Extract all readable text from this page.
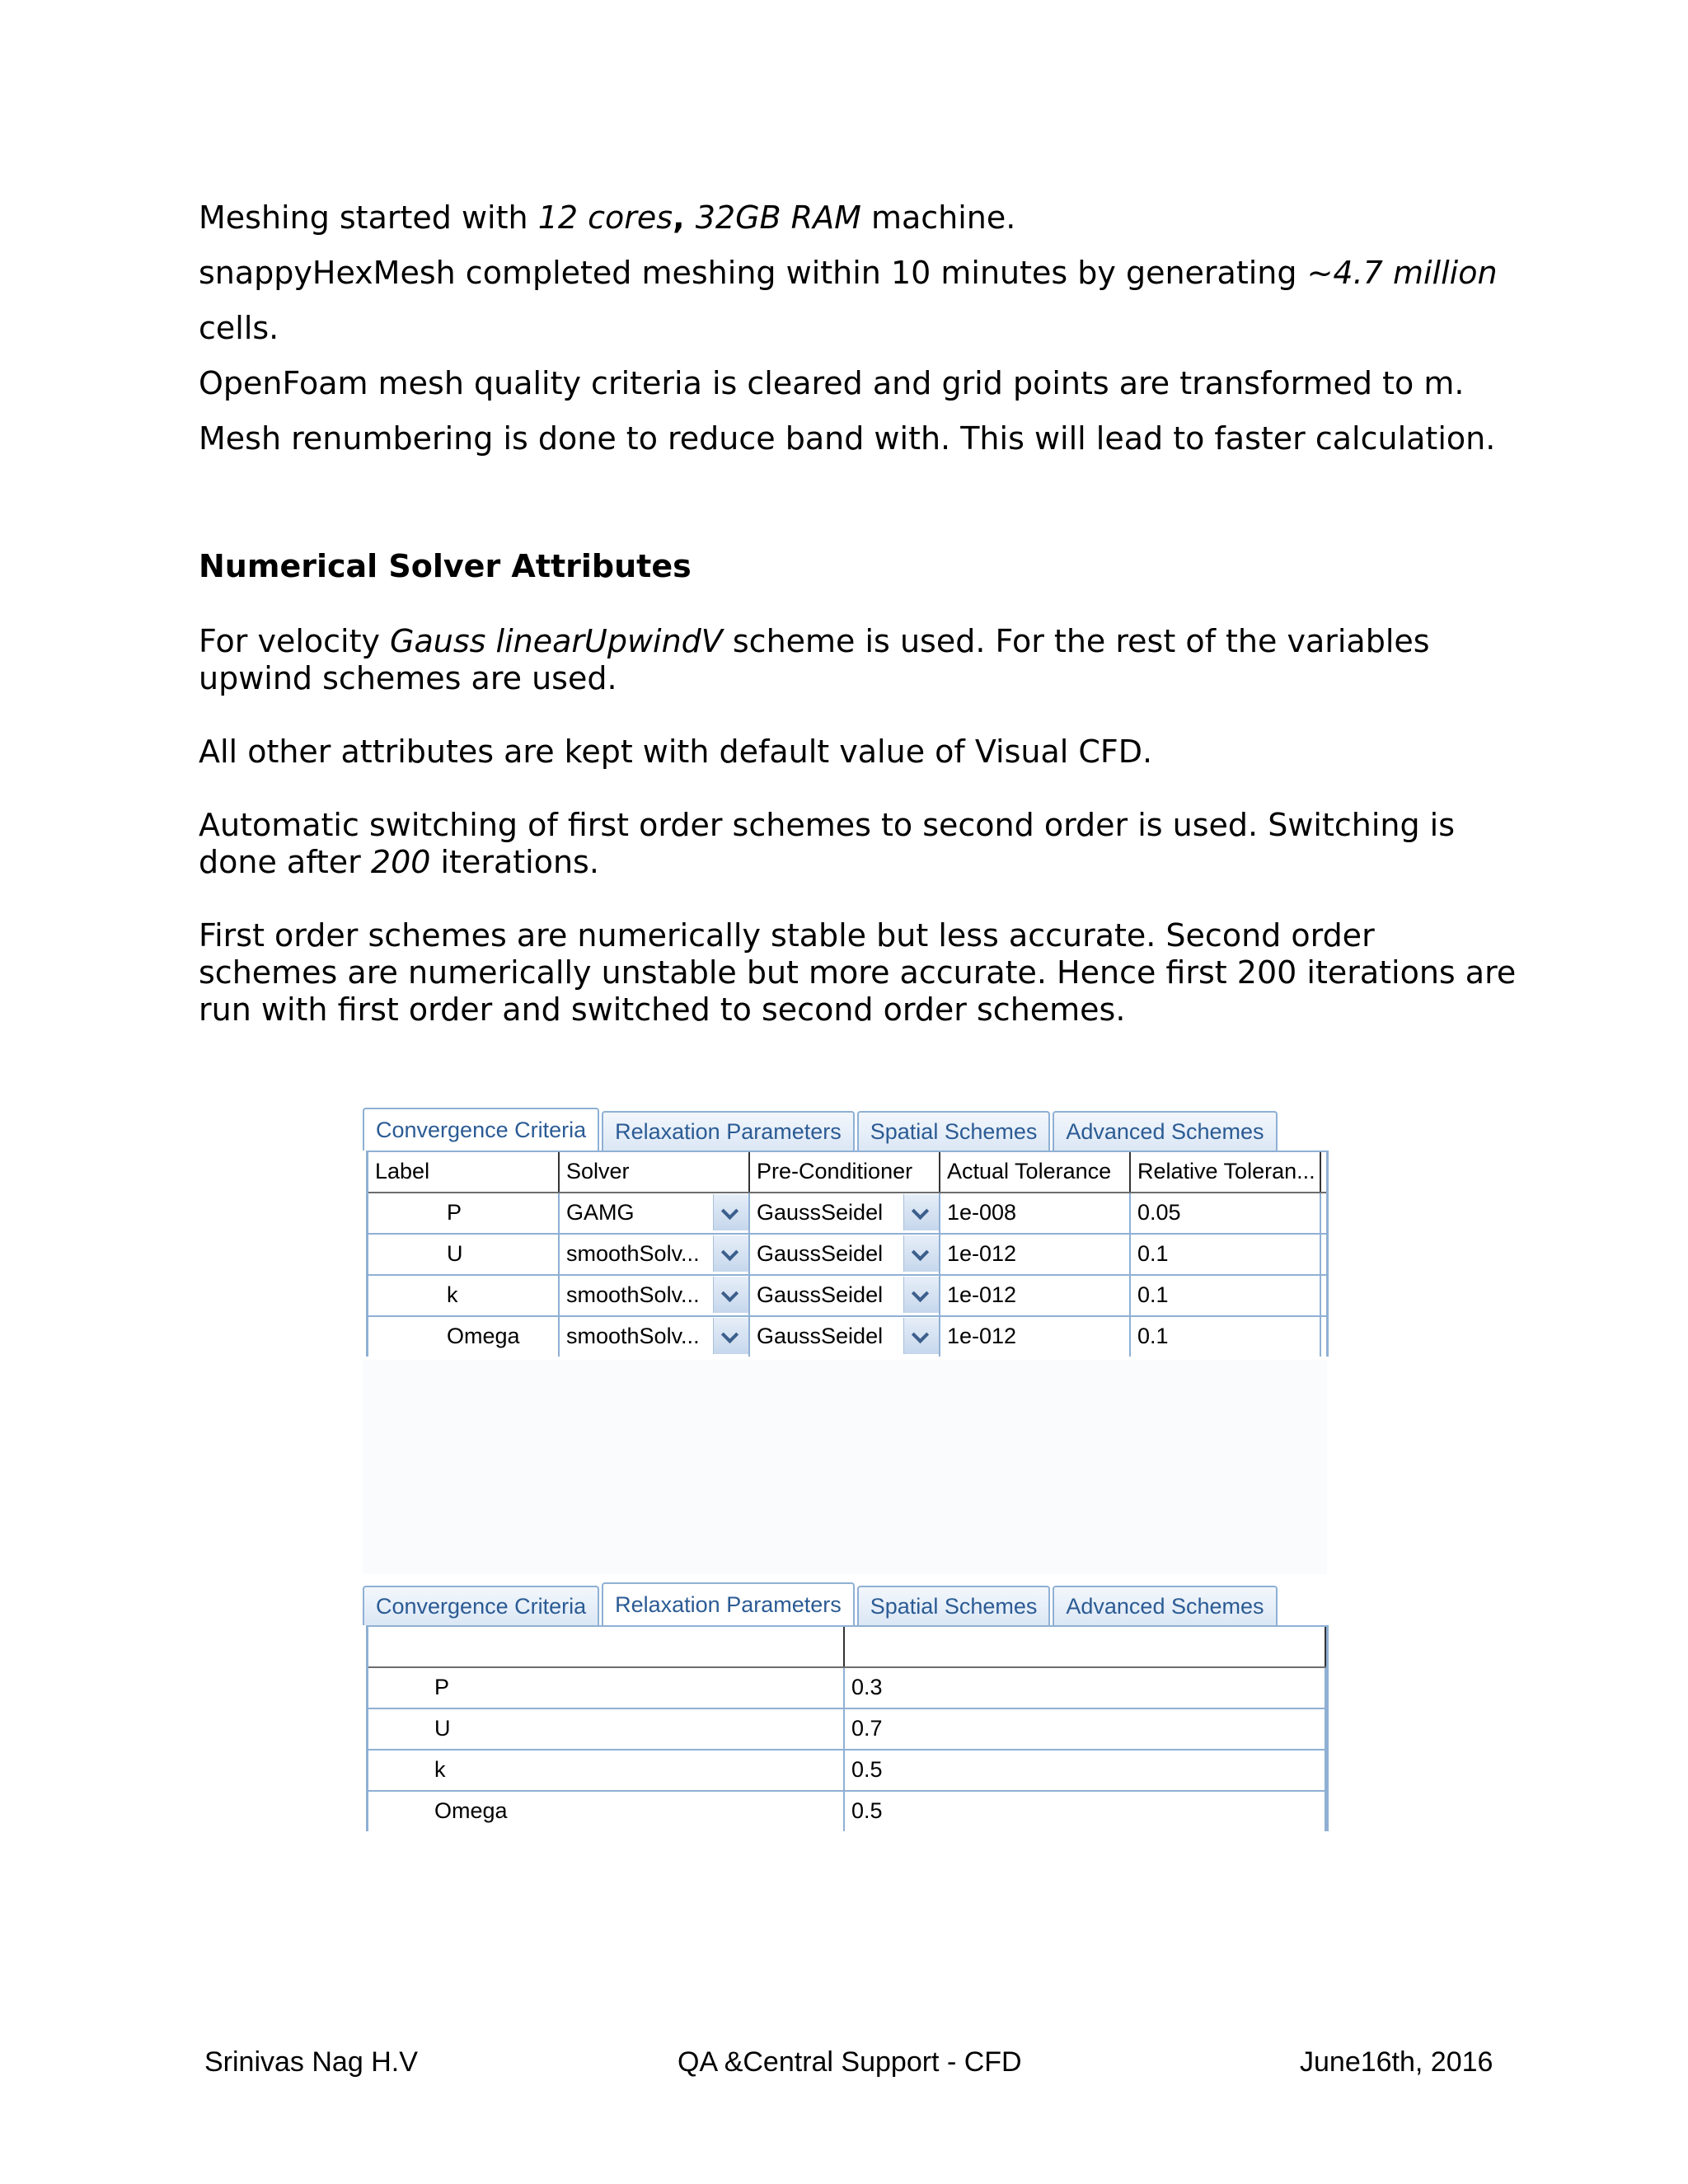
Meshing started with 12 cores, 32GB RAM machine.
snappyHexMesh completed meshing within 10 minutes by generating ~4.7 million
cells.
OpenFoam mesh quality criteria is cleared and grid points are transformed to m.
Mesh renumbering is done to reduce band with. This will lead to faster calculation.
Numerical Solver Attributes
For velocity Gauss linearUpwindV scheme is used. For the rest of the variables upwind schemes are used.
All other attributes are kept with default value of Visual CFD.
Automatic switching of first order schemes to second order is used. Switching is done after 200 iterations.
First order schemes are numerically stable but less accurate. Second order schemes are numerically unstable but more accurate. Hence first 200 iterations are run with first order and switched to second order schemes.
Convergence Criteria	Relaxation Parameters	Spatial Schemes	Advanced Schemes
Label	Solver	Pre-Conditioner	Actual Tolerance	Relative Toleran...
P	GAMG	GaussSeidel	1e-008	0.05
U	smoothSolv...	GaussSeidel	1e-012	0.1
k	smoothSolv...	GaussSeidel	1e-012	0.1
Omega	smoothSolv...	GaussSeidel	1e-012	0.1
Convergence Criteria	Relaxation Parameters	Spatial Schemes	Advanced Schemes
P	0.3
U	0.7
k	0.5
Omega	0.5
Srinivas Nag H.V	QA &Central Support - CFD	June16th, 2016
